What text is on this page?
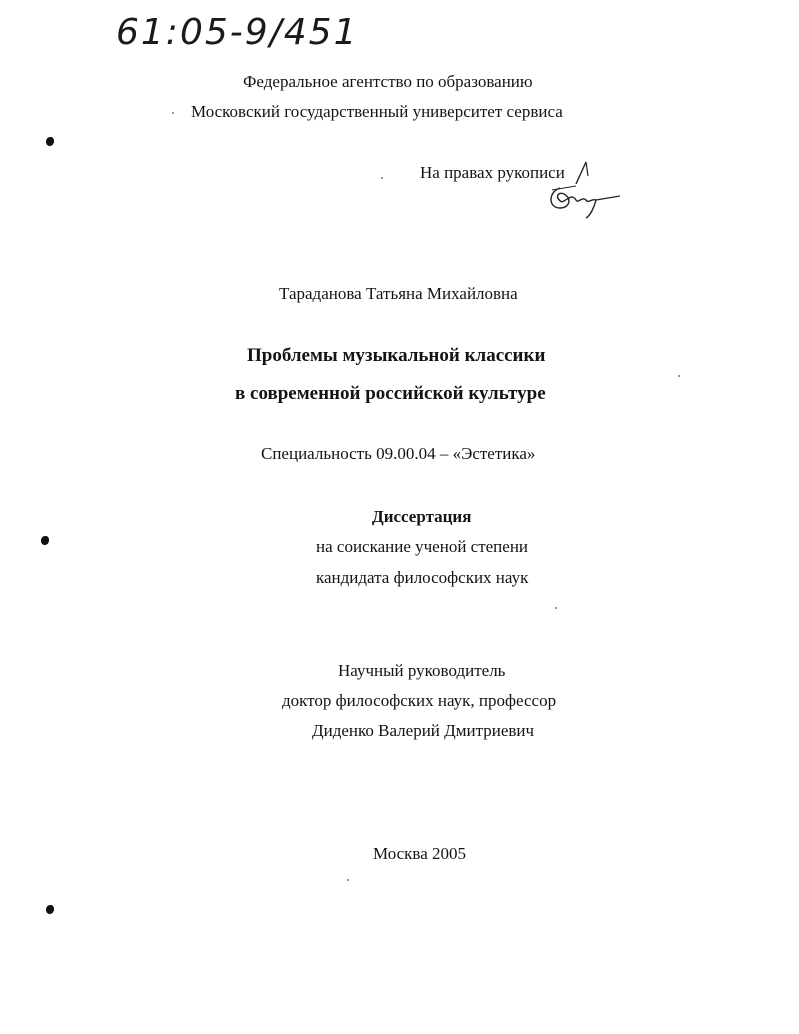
61:05-9/451
Федеральное агентство по образованию
Московский государственный университет сервиса
На правах рукописи
Тараданова Татьяна Михайловна
Проблемы музыкальной классики
в современной российской культуре
Специальность 09.00.04 – «Эстетика»
Диссертация
на соискание ученой степени
кандидата философских наук
Научный руководитель
доктор философских наук, профессор
Диденко Валерий Дмитриевич
Москва 2005
